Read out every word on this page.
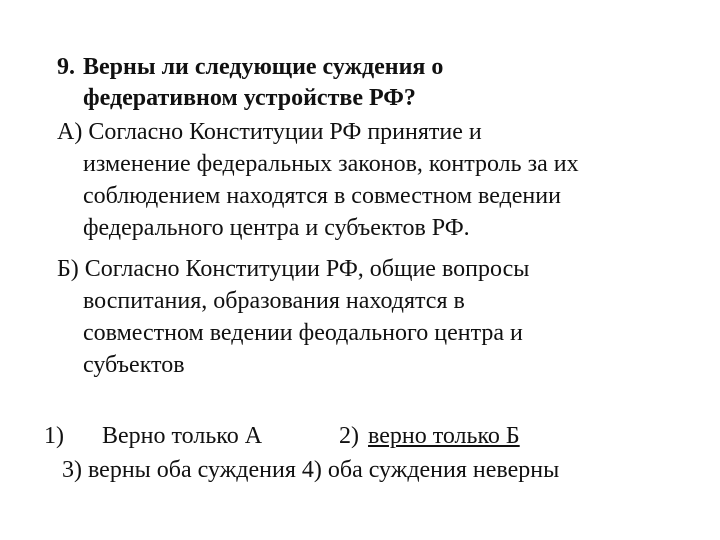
9. Верны ли следующие суждения о
федеративном устройстве РФ?
А) Согласно Конституции РФ принятие и
изменение федеральных законов, контроль за их
соблюдением находятся в совместном ведении
федерального центра и субъектов РФ.
Б) Согласно Конституции РФ, общие вопросы
воспитания, образования находятся в
совместном ведении феодального центра и
субъектов
1) Верно только А	2) верно только Б
3) верны оба суждения 4) оба суждения неверны
